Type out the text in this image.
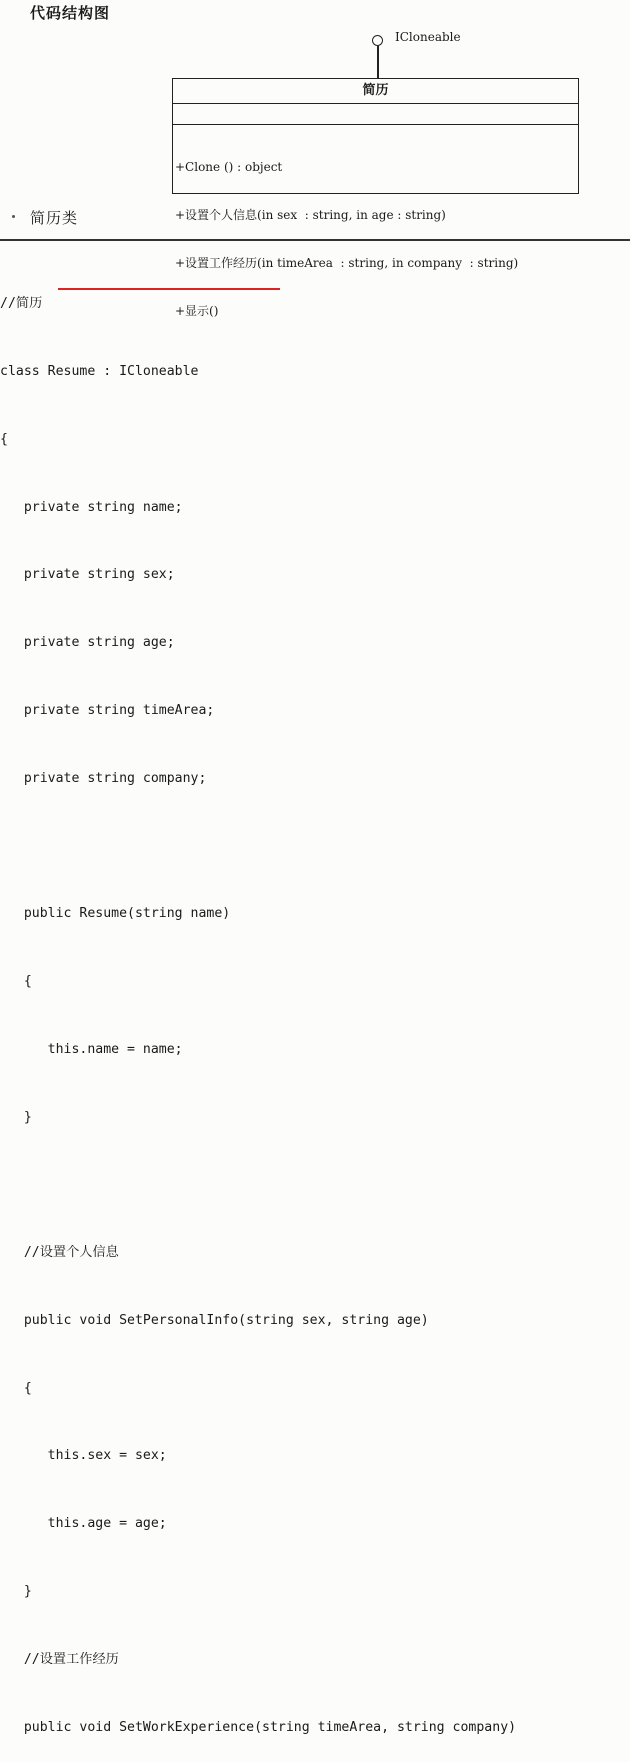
代码结构图
ICloneable
简历

+Clone () : object

+设置个人信息(in sex  : string, in age : string)

+设置工作经历(in timeArea  : string, in company  : string)

+显示()

简历类

//简历

class Resume : ICloneable

{

private string name;

private string sex;

private string age;

private string timeArea;

private string company;

public Resume(string name)

{

this.name = name;

}

//设置个人信息

public void SetPersonalInfo(string sex, string age)

{

this.sex = sex;

this.age = age;

}

//设置工作经历

public void SetWorkExperience(string timeArea, string company)
